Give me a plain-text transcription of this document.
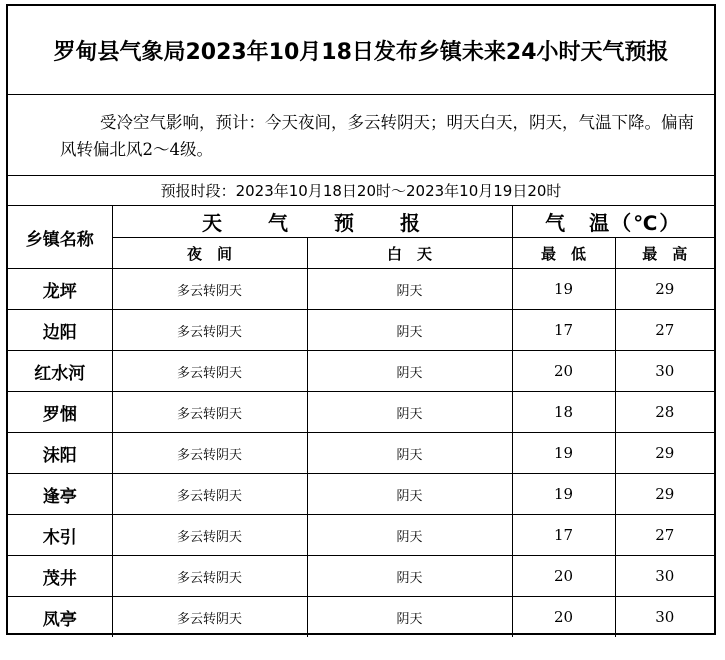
罗甸县气象局2023年10月18日发布乡镇未来24小时天气预报
受冷空气影响，预计：今天夜间，多云转阴天；明天白天，阴天，气温下降。偏南风转偏北风2～4级。
预报时段：2023年10月18日20时～2023年10月19日20时
乡镇名称	天　　气　　预　　报		气　温（℃）	
	夜　间	白　天	最　低	最　高
龙坪	多云转阴天	阴天	19	29
边阳	多云转阴天	阴天	17	27
红水河	多云转阴天	阴天	20	30
罗悃	多云转阴天	阴天	18	28
沫阳	多云转阴天	阴天	19	29
逢亭	多云转阴天	阴天	19	29
木引	多云转阴天	阴天	17	27
茂井	多云转阴天	阴天	20	30
凤亭	多云转阴天	阴天	20	30
